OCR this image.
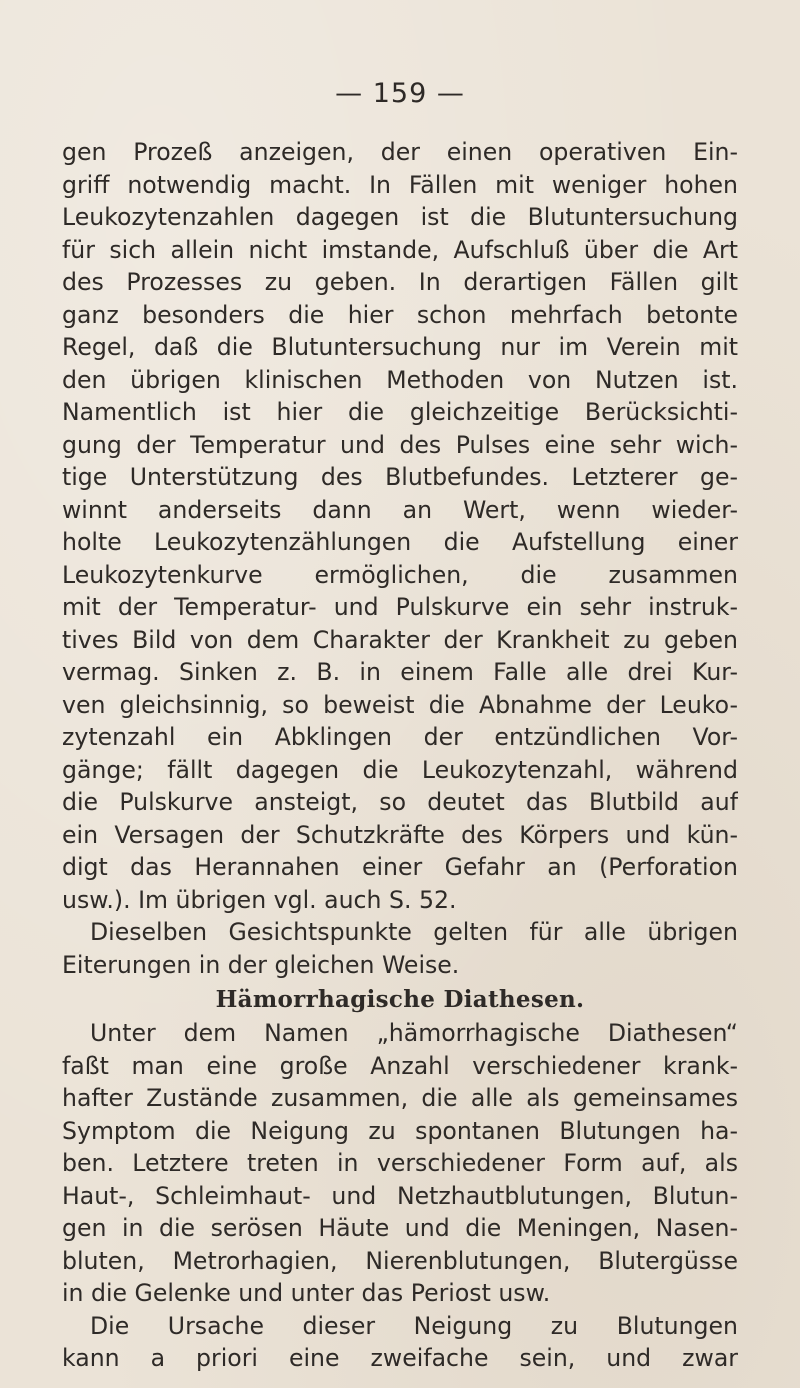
— 159 —
gen Prozeß anzeigen, der einen operativen Ein-
griff notwendig macht. In Fällen mit weniger hohen
Leukozytenzahlen dagegen ist die Blutuntersuchung
für sich allein nicht imstande, Aufschluß über die Art
des Prozesses zu geben. In derartigen Fällen gilt
ganz besonders die hier schon mehrfach betonte
Regel, daß die Blutuntersuchung nur im Verein mit
den übrigen klinischen Methoden von Nutzen ist.
Namentlich ist hier die gleichzeitige Berücksichti-
gung der Temperatur und des Pulses eine sehr wich-
tige Unterstützung des Blutbefundes. Letzterer ge-
winnt anderseits dann an Wert, wenn wieder-
holte Leukozytenzählungen die Aufstellung einer
Leukozytenkurve ermöglichen, die zusammen
mit der Temperatur- und Pulskurve ein sehr instruk-
tives Bild von dem Charakter der Krankheit zu geben
vermag. Sinken z. B. in einem Falle alle drei Kur-
ven gleichsinnig, so beweist die Abnahme der Leuko-
zytenzahl ein Abklingen der entzündlichen Vor-
gänge; fällt dagegen die Leukozytenzahl, während
die Pulskurve ansteigt, so deutet das Blutbild auf
ein Versagen der Schutzkräfte des Körpers und kün-
digt das Herannahen einer Gefahr an (Perforation
usw.). Im übrigen vgl. auch S. 52.
Dieselben Gesichtspunkte gelten für alle übrigen
Eiterungen in der gleichen Weise.
Hämorrhagische Diathesen.
Unter dem Namen „hämorrhagische Diathesen“
faßt man eine große Anzahl verschiedener krank-
hafter Zustände zusammen, die alle als gemeinsames
Symptom die Neigung zu spontanen Blutungen ha-
ben. Letztere treten in verschiedener Form auf, als
Haut-, Schleimhaut- und Netzhautblutungen, Blutun-
gen in die serösen Häute und die Meningen, Nasen-
bluten, Metrorhagien, Nierenblutungen, Blutergüsse
in die Gelenke und unter das Periost usw.
Die Ursache dieser Neigung zu Blutungen
kann a priori eine zweifache sein, und zwar
